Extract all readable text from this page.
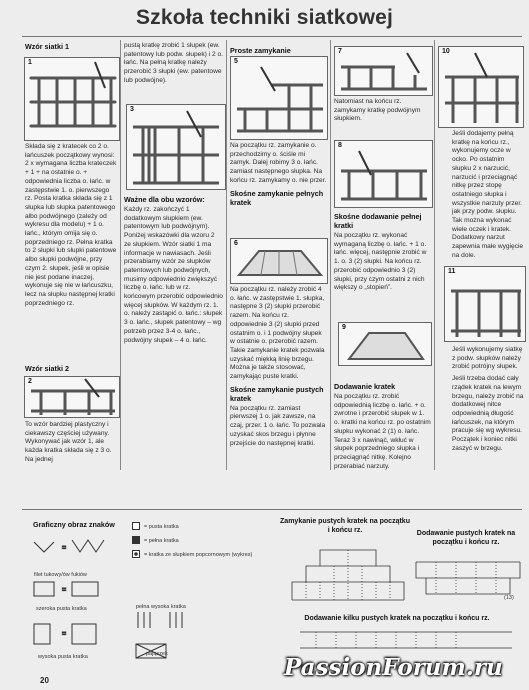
Szkoła techniki siatkowej
Wzór siatki 1
1

Składa się z kratecek co 2 o. łańcuszek początkowy wynosi: 2 x wymagana liczba krateczek + 1 + na ostatnie o. + odpowiednia liczba o. łańc. w zastępstwie 1. o. pierwszego rz. Posta kratka składa się z 1 słupka lub słupka patentowego albo podwójnego (zależy od wykresu dla modelu) + 1 o. łańc., którym omija się o. poprzedniego rz. Pełna kratka to 2 słupki lub słupki patentowe albo słupki podwójne, przy czym 2. słupek, jeśli w opisie nie jest podane inaczej, wykonuje się nie w łańcuszku, lecz na słupku następnej kratki poprzedniego rz.

Wzór siatki 2
2

To wzór bardziej plastyczny i ciekawszy częściej używany. Wykonywać jak wzór 1, ale każda kratka składa się z 3 o. Na jednej

pustą kratkę zrobić 1 słupek (ew. patentowy lub podw. słupek) i 2 o. łańc. Na pełną kratkę należy przerobić 3 słupki (ew. patentowe lub podwójne).

3
Ważne dla obu wzorów:

Każdy rz. zakończyć 1 dodatkowym słupkiem (ew. patentowym lub podwójnym). Poniżej wskazówki dla wzoru 2 ze słupkiem. Wzór siatki 1 ma informacje w nawiasach. Jeśli przerabiamy wzór ze słupków patentowych lub podwójnych, musimy odpowiednio zwiększyć liczbę o. łańc. lub w rz. końcowym przerobić odpowiednio więcej słupków. W każdym rz. 1. o. należy zastąpić o. łańc.: słupek 3 o. łańc., słupek patentowy – wg potrzeb przez 3-4 o. łańc., podwójny słupek – 4 o. łańc.

Proste zamykanie
5

Na początku rz. zamykanie o. przechodzimy o. ściśle mi zamyk. Dalej robimy 3 o. łańc. zamiast następnego słupka. Na końcu rz. zamykamy o. nie przer.

Skośne zamykanie pełnych kratek
6

Na początku rz. należy zrobić 4 o. łańc. w zastępstwie 1. słupka, następne 3 (2) słupki przerobić razem. Na końcu rz. odpowiednie 3 (2) słupki przed ostatnim o. i 1 podwójny słupek w ostatnie o. przerobić razem. Takie zamykanie kratek pozwala uzyskać miękką linię brzegu. Można je także stosować, zamykając puste kratki.

Skośne zamykanie pustych kratek

Na początku rz. zamiast pierwszej 1 o. jak zawsze, na czaj, przer. 1 o. łańc. To pozwala uzyskać skos brzegu i płynne przejście do następnej kratki.

7

Natomiast na końcu rz. zamykamy kratkę podwójnym słupkiem.

8
Skośne dodawanie pełnej kratki

Na początku rz. wykonać wymaganą liczbę o. łańc. + 1 o. łańc. więcej, następnie zrobić w 1. o. 3 (2) słupki. Na końcu rz. przerobić odpowiednio 3 (2) słupki, przy czym ostatni z nich większy o „stopień”.

9
Dodawanie kratek

Na początku rz. zrobić odpowiednią liczbę o. łańc. + o. zwrotne i przerobić słupek w 1. o. kratki na końcu rz. po ostatnim słupku wykonać 2 (1) o. łańc. Teraz 3 x nawinąć, wkłuć w słupek poprzedniego słupka i przeciągnąć nitkę. Kolejno przerabiać narzuty.

10

Jeśli dodajemy pełną kratkę na końcu rz., wykonujemy ocze w ocko. Po ostatnim słupku 2 x narzucić, narzucić i przeciągnąć nitkę przez stopę ostatniego słupka i wszystkie narzuty przer. jak przy podw. słupku. Tak można wykonać wiele oczek i kratek. Dodatkowy narzut zapewnia małe wygięcie na dole.

11

Jeśli wykonujemy siatkę z podw. słupków należy zrobić potrójny słupek.

Jeśli trzeba dodać cały rządek kratek na lewym brzegu, należy zrobić na dodatkowej nitce odpowiednią długość łańcuszek, na którym pracuje się wg wykresu. Początek i koniec nitki zaszyć w brzegu.

Graficzny obraz znaków
=
=
=
filet tukowy/ów fukiów
szeroka pusta kratka
wysoka pusta kratka
= pusta kratka
= pełna kratka
= kratka ze słupkiem popcornowym (wykres)
pełna wysoka kratka
pająszek
Zamykanie pustych kratek na początku i końcu rz.	Dodawanie pustych kratek na początku i końcu rz.
(13)
Dodawanie kilku pustych kratek na początku i końcu rz.
20	PassionForum.ru
